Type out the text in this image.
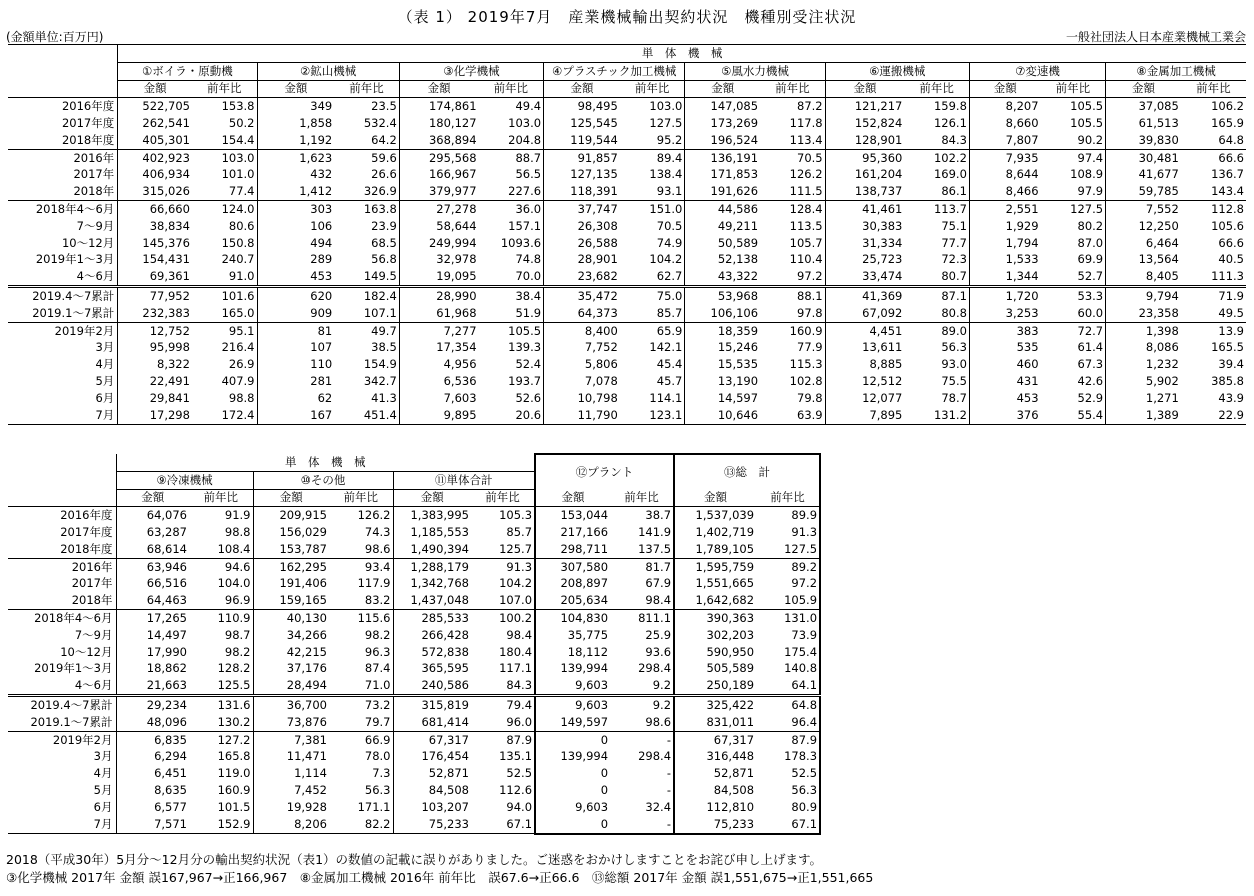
（表 1） 2019年7月　産業機械輸出契約状況　機種別受注状況
(金額単位:百万円)	一般社団法人日本産業機械工業会
	単　体　機　械															
	①ボイラ・原動機		②鉱山機械		③化学機械		④プラスチック加工機械		⑤風水力機械		⑥運搬機械		⑦変速機		⑧金属加工機械	
	金額	前年比	金額	前年比	金額	前年比	金額	前年比	金額	前年比	金額	前年比	金額	前年比	金額	前年比
2016年度	522,705	153.8	349	23.5	174,861	49.4	98,495	103.0	147,085	87.2	121,217	159.8	8,207	105.5	37,085	106.2
2017年度	262,541	50.2	1,858	532.4	180,127	103.0	125,545	127.5	173,269	117.8	152,824	126.1	8,660	105.5	61,513	165.9
2018年度	405,301	154.4	1,192	64.2	368,894	204.8	119,544	95.2	196,524	113.4	128,901	84.3	7,807	90.2	39,830	64.8
2016年	402,923	103.0	1,623	59.6	295,568	88.7	91,857	89.4	136,191	70.5	95,360	102.2	7,935	97.4	30,481	66.6
2017年	406,934	101.0	432	26.6	166,967	56.5	127,135	138.4	171,853	126.2	161,204	169.0	8,644	108.9	41,677	136.7
2018年	315,026	77.4	1,412	326.9	379,977	227.6	118,391	93.1	191,626	111.5	138,737	86.1	8,466	97.9	59,785	143.4
2018年4～6月	66,660	124.0	303	163.8	27,278	36.0	37,747	151.0	44,586	128.4	41,461	113.7	2,551	127.5	7,552	112.8
7～9月	38,834	80.6	106	23.9	58,644	157.1	26,308	70.5	49,211	113.5	30,383	75.1	1,929	80.2	12,250	105.6
10～12月	145,376	150.8	494	68.5	249,994	1093.6	26,588	74.9	50,589	105.7	31,334	77.7	1,794	87.0	6,464	66.6
2019年1～3月	154,431	240.7	289	56.8	32,978	74.8	28,901	104.2	52,138	110.4	25,723	72.3	1,533	69.9	13,564	40.5
4～6月	69,361	91.0	453	149.5	19,095	70.0	23,682	62.7	43,322	97.2	33,474	80.7	1,344	52.7	8,405	111.3
2019.4～7累計	77,952	101.6	620	182.4	28,990	38.4	35,472	75.0	53,968	88.1	41,369	87.1	1,720	53.3	9,794	71.9
2019.1～7累計	232,383	165.0	909	107.1	61,968	51.9	64,373	85.7	106,106	97.8	67,092	80.8	3,253	60.0	23,358	49.5
2019年2月	12,752	95.1	81	49.7	7,277	105.5	8,400	65.9	18,359	160.9	4,451	89.0	383	72.7	1,398	13.9
3月	95,998	216.4	107	38.5	17,354	139.3	7,752	142.1	15,246	77.9	13,611	56.3	535	61.4	8,086	165.5
4月	8,322	26.9	110	154.9	4,956	52.4	5,806	45.4	15,535	115.3	8,885	93.0	460	67.3	1,232	39.4
5月	22,491	407.9	281	342.7	6,536	193.7	7,078	45.7	13,190	102.8	12,512	75.5	431	42.6	5,902	385.8
6月	29,841	98.8	62	41.3	7,603	52.6	10,798	114.1	14,597	79.8	12,077	78.7	453	52.9	1,271	43.9
7月	17,298	172.4	167	451.4	9,895	20.6	11,790	123.1	10,646	63.9	7,895	131.2	376	55.4	1,389	22.9
	単　体　機　械						⑫プラント		⑬総　計	
	⑨冷凍機械		⑩その他		⑪単体合計					
	金額	前年比	金額	前年比	金額	前年比	金額	前年比	金額	前年比
2016年度	64,076	91.9	209,915	126.2	1,383,995	105.3	153,044	38.7	1,537,039	89.9
2017年度	63,287	98.8	156,029	74.3	1,185,553	85.7	217,166	141.9	1,402,719	91.3
2018年度	68,614	108.4	153,787	98.6	1,490,394	125.7	298,711	137.5	1,789,105	127.5
2016年	63,946	94.6	162,295	93.4	1,288,179	91.3	307,580	81.7	1,595,759	89.2
2017年	66,516	104.0	191,406	117.9	1,342,768	104.2	208,897	67.9	1,551,665	97.2
2018年	64,463	96.9	159,165	83.2	1,437,048	107.0	205,634	98.4	1,642,682	105.9
2018年4～6月	17,265	110.9	40,130	115.6	285,533	100.2	104,830	811.1	390,363	131.0
7～9月	14,497	98.7	34,266	98.2	266,428	98.4	35,775	25.9	302,203	73.9
10～12月	17,990	98.2	42,215	96.3	572,838	180.4	18,112	93.6	590,950	175.4
2019年1～3月	18,862	128.2	37,176	87.4	365,595	117.1	139,994	298.4	505,589	140.8
4～6月	21,663	125.5	28,494	71.0	240,586	84.3	9,603	9.2	250,189	64.1
2019.4～7累計	29,234	131.6	36,700	73.2	315,819	79.4	9,603	9.2	325,422	64.8
2019.1～7累計	48,096	130.2	73,876	79.7	681,414	96.0	149,597	98.6	831,011	96.4
2019年2月	6,835	127.2	7,381	66.9	67,317	87.9	0	-	67,317	87.9
3月	6,294	165.8	11,471	78.0	176,454	135.1	139,994	298.4	316,448	178.3
4月	6,451	119.0	1,114	7.3	52,871	52.5	0	-	52,871	52.5
5月	8,635	160.9	7,452	56.3	84,508	112.6	0	-	84,508	56.3
6月	6,577	101.5	19,928	171.1	103,207	94.0	9,603	32.4	112,810	80.9
7月	7,571	152.9	8,206	82.2	75,233	67.1	0	-	75,233	67.1
2018（平成30年）5月分～12月分の輸出契約状況（表1）の数値の記載に誤りがありました。ご迷惑をおかけしますことをお詫び申し上げます。
③化学機械 2017年 金額 誤167,967→正166,967　⑧金属加工機械 2016年 前年比　誤67.6→正66.6　⑬総額 2017年 金額 誤1,551,675→正1,551,665
